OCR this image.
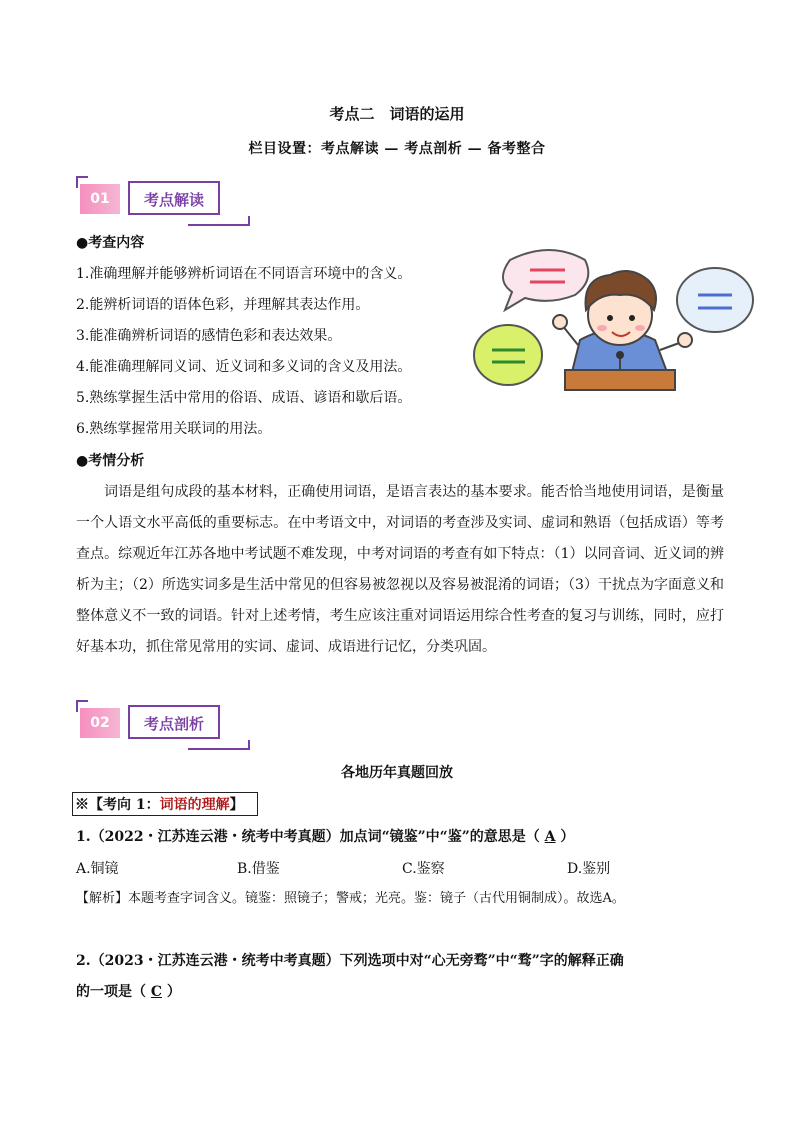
考点二　词语的运用
栏目设置：考点解读 — 考点剖析 — 备考整合
01	考点解读
●考查内容
1.准确理解并能够辨析词语在不同语言环境中的含义。
2.能辨析词语的语体色彩，并理解其表达作用。
3.能准确辨析词语的感情色彩和表达效果。
4.能准确理解同义词、近义词和多义词的含义及用法。
5.熟练掌握生活中常用的俗语、成语、谚语和歇后语。
6.熟练掌握常用关联词的用法。
●考情分析
词语是组句成段的基本材料，正确使用词语，是语言表达的基本要求。能否恰当地使用词语，是衡量一个人语文水平高低的重要标志。在中考语文中，对词语的考查涉及实词、虚词和熟语（包括成语）等考查点。综观近年江苏各地中考试题不难发现，中考对词语的考查有如下特点：（1）以同音词、近义词的辨析为主；（2）所选实词多是生活中常见的但容易被忽视以及容易被混淆的词语；（3）干扰点为字面意义和整体意义不一致的词语。针对上述考情，考生应该注重对词语运用综合性考查的复习与训练，同时，应打好基本功，抓住常见常用的实词、虚词、成语进行记忆，分类巩固。
02	考点剖析
各地历年真题回放
※【考向 1：词语的理解】
1.（2022・江苏连云港・统考中考真题）加点词“镜鉴”中“鉴”的意思是（ A ）
A.铜镜	B.借鉴	C.鉴察	D.鉴别
【解析】本题考查字词含义。镜鉴：照镜子；警戒；光亮。鉴：镜子（古代用铜制成）。故选A。
2.（2023・江苏连云港・统考中考真题）下列选项中对“心无旁骛”中“骛”字的解释正确
的一项是（ C ）
